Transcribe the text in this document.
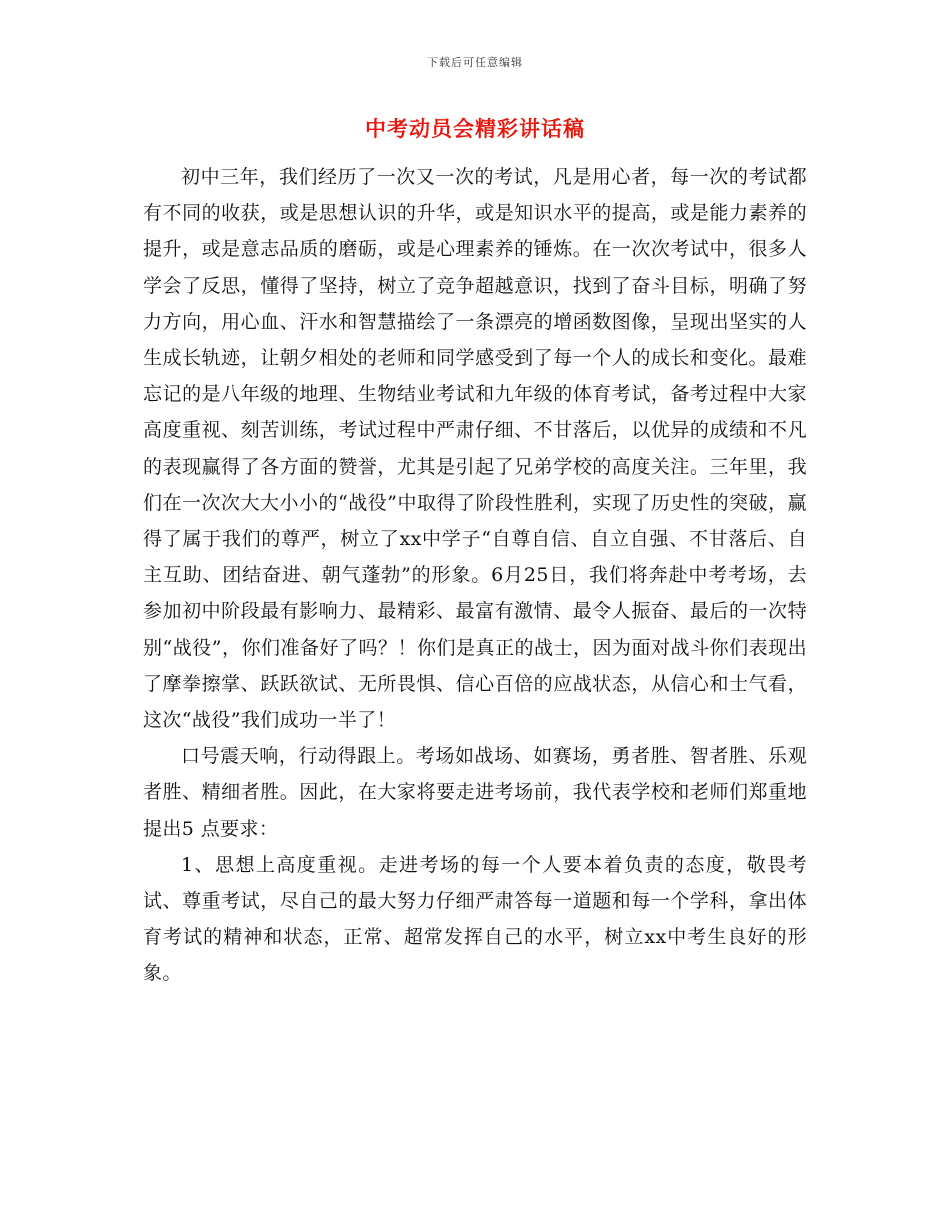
下载后可任意编辑
中考动员会精彩讲话稿

初中三年，我们经历了一次又一次的考试，凡是用心者，每一次的考试都有不同的收获，或是思想认识的升华，或是知识水平的提高，或是能力素养的提升，或是意志品质的磨砺，或是心理素养的锤炼。在一次次考试中，很多人学会了反思，懂得了坚持，树立了竞争超越意识，找到了奋斗目标，明确了努力方向，用心血、汗水和智慧描绘了一条漂亮的增函数图像，呈现出坚实的人生成长轨迹，让朝夕相处的老师和同学感受到了每一个人的成长和变化。最难忘记的是八年级的地理、生物结业考试和九年级的体育考试，备考过程中大家高度重视、刻苦训练，考试过程中严肃仔细、不甘落后，以优异的成绩和不凡的表现赢得了各方面的赞誉，尤其是引起了兄弟学校的高度关注。三年里，我们在一次次大大小小的“战役”中取得了阶段性胜利，实现了历史性的突破，赢得了属于我们的尊严，树立了xx中学子“自尊自信、自立自强、不甘落后、自主互助、团结奋进、朝气蓬勃”的形象。6月25日，我们将奔赴中考考场，去参加初中阶段最有影响力、最精彩、最富有激情、最令人振奋、最后的一次特别“战役”，你们准备好了吗？！你们是真正的战士，因为面对战斗你们表现出了摩拳擦掌、跃跃欲试、无所畏惧、信心百倍的应战状态，从信心和士气看，这次“战役”我们成功一半了！

口号震天响，行动得跟上。考场如战场、如赛场，勇者胜、智者胜、乐观者胜、精细者胜。因此，在大家将要走进考场前，我代表学校和老师们郑重地提出5 点要求：

1、思想上高度重视。走进考场的每一个人要本着负责的态度，敬畏考试、尊重考试，尽自己的最大努力仔细严肃答每一道题和每一个学科，拿出体育考试的精神和状态，正常、超常发挥自己的水平，树立xx中考生良好的形象。
